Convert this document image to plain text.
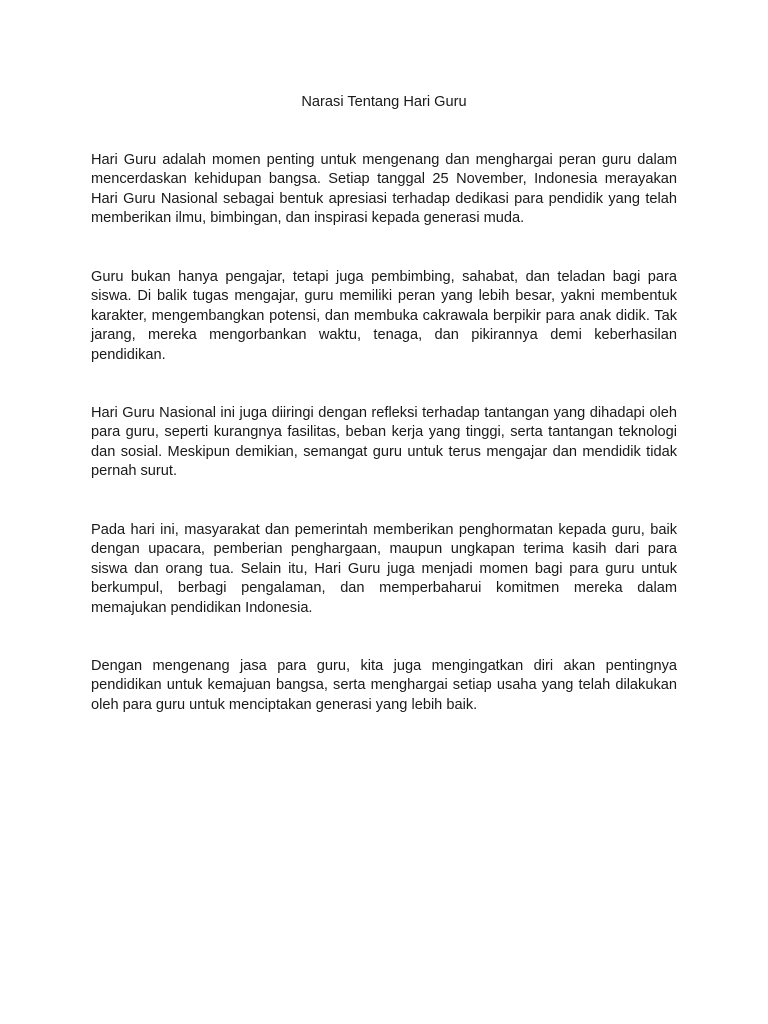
Narasi Tentang Hari Guru

Hari Guru adalah momen penting untuk mengenang dan menghargai peran guru dalam mencerdaskan kehidupan bangsa. Setiap tanggal 25 November, Indonesia merayakan Hari Guru Nasional sebagai bentuk apresiasi terhadap dedikasi para pendidik yang telah memberikan ilmu, bimbingan, dan inspirasi kepada generasi muda.

Guru bukan hanya pengajar, tetapi juga pembimbing, sahabat, dan teladan bagi para siswa. Di balik tugas mengajar, guru memiliki peran yang lebih besar, yakni membentuk karakter, mengembangkan potensi, dan membuka cakrawala berpikir para anak didik. Tak jarang, mereka mengorbankan waktu, tenaga, dan pikirannya demi keberhasilan pendidikan.

Hari Guru Nasional ini juga diiringi dengan refleksi terhadap tantangan yang dihadapi oleh para guru, seperti kurangnya fasilitas, beban kerja yang tinggi, serta tantangan teknologi dan sosial. Meskipun demikian, semangat guru untuk terus mengajar dan mendidik tidak pernah surut.

Pada hari ini, masyarakat dan pemerintah memberikan penghormatan kepada guru, baik dengan upacara, pemberian penghargaan, maupun ungkapan terima kasih dari para siswa dan orang tua. Selain itu, Hari Guru juga menjadi momen bagi para guru untuk berkumpul, berbagi pengalaman, dan memperbaharui komitmen mereka dalam memajukan pendidikan Indonesia.

Dengan mengenang jasa para guru, kita juga mengingatkan diri akan pentingnya pendidikan untuk kemajuan bangsa, serta menghargai setiap usaha yang telah dilakukan oleh para guru untuk menciptakan generasi yang lebih baik.
